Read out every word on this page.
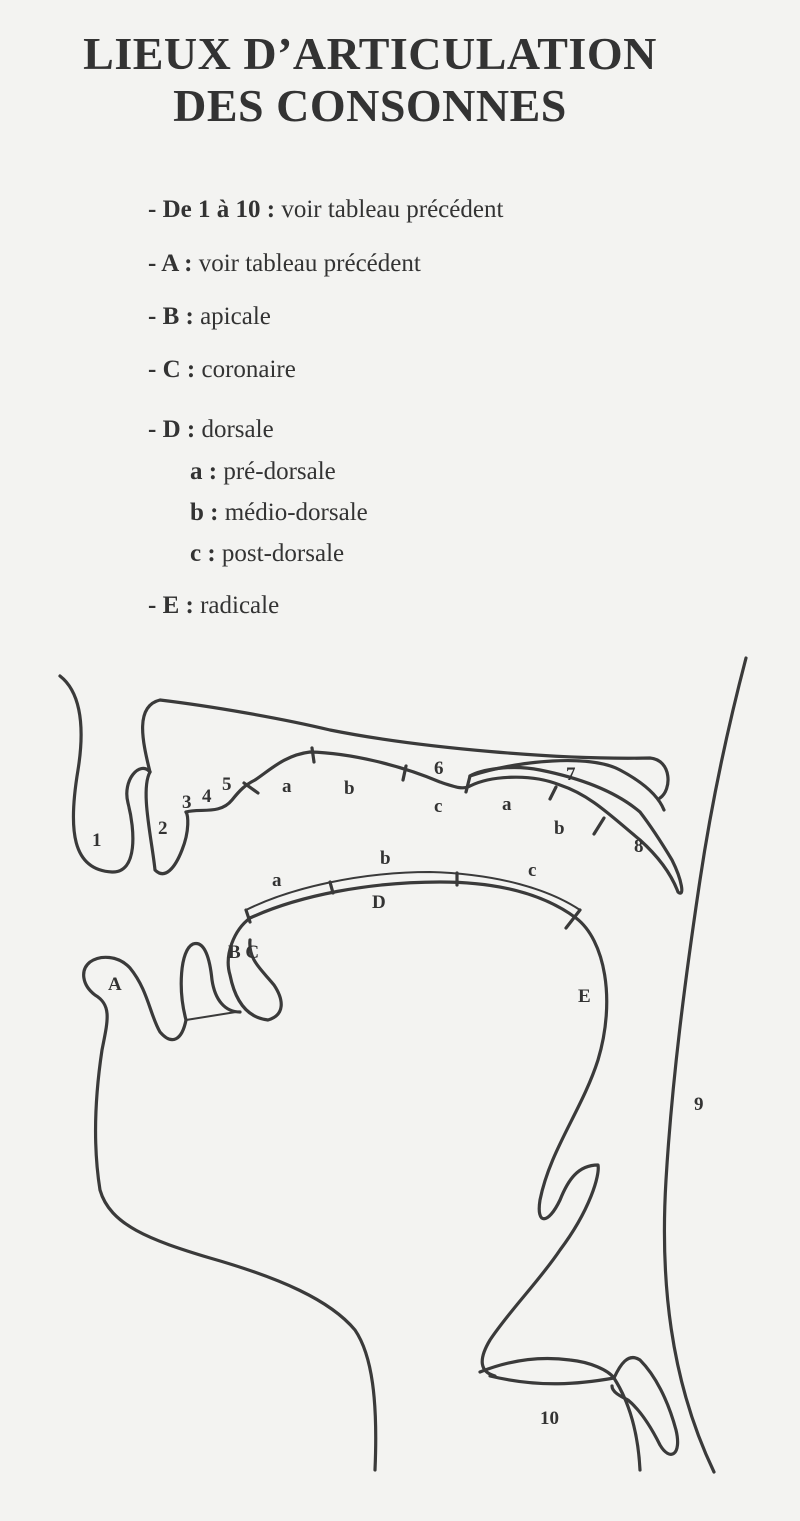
LIEUX D’ARTICULATION
DES CONSONNES
- De 1 à 10 : voir tableau précédent
- A : voir tableau précédent
- B : apicale
- C : coronaire
- D : dorsale
a : pré-dorsale
b : médio-dorsale
c : post-dorsale
- E : radicale
1
2
3 4
5
6	7
8
9
10
a	b
c	a
b
a
b
c
A
B C
D
E
